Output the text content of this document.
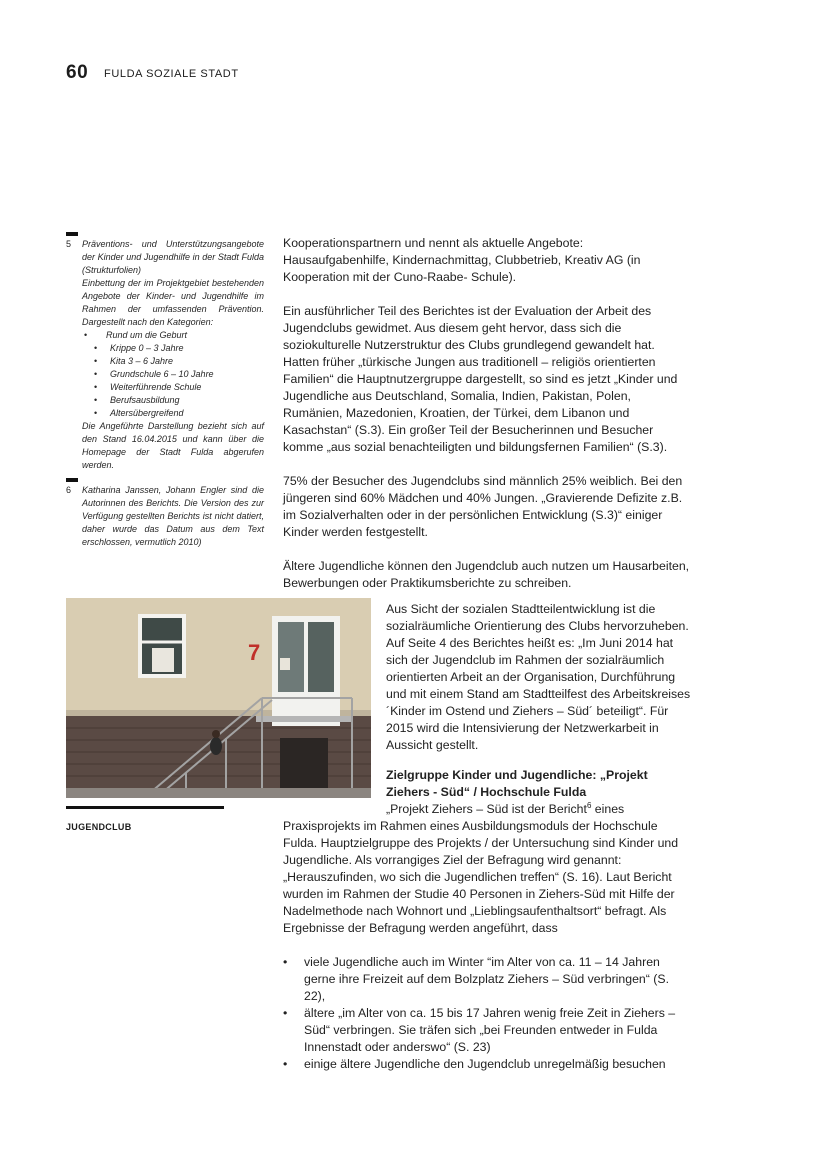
60 FULDA SOZIALE STADT
5 Präventions- und Unterstützungsangebote der Kinder und Jugendhilfe in der Stadt Fulda (Strukturfolien)
Einbettung der im Projektgebiet bestehenden Angebote der Kinder- und Jugendhilfe im Rahmen der umfassenden Prävention. Dargestellt nach den Kategorien:
• Rund um die Geburt
• Krippe 0 – 3 Jahre
• Kita 3 – 6 Jahre
• Grundschule 6 – 10 Jahre
• Weiterführende Schule
• Berufsausbildung
• Altersübergreifend
Die Angeführte Darstellung bezieht sich auf den Stand 16.04.2015 und kann über die Homepage der Stadt Fulda abgerufen werden.
6 Katharina Janssen, Johann Engler sind die Autorinnen des Berichts. Die Version des zur Verfügung gestellten Berichts ist nicht datiert, daher wurde das Datum aus dem Text erschlossen, vermutlich 2010)

Kooperationspartnern und nennt als aktuelle Angebote: Hausaufgabenhilfe, Kindernachmittag, Clubbetrieb, Kreativ AG (in Kooperation mit der Cuno-Raabe- Schule).

Ein ausführlicher Teil des Berichtes ist der Evaluation der Arbeit des Jugendclubs gewidmet. Aus diesem geht hervor, dass sich die soziokulturelle Nutzerstruktur des Clubs grundlegend gewandelt hat. Hatten früher „türkische Jungen aus traditionell – religiös orientierten Familien“ die Hauptnutzergruppe dargestellt, so sind es jetzt „Kinder und Jugendliche aus Deutschland, Somalia, Indien, Pakistan, Polen, Rumänien, Mazedonien, Kroatien, der Türkei, dem Libanon und Kasachstan“ (S.3). Ein großer Teil der Besucherinnen und Besucher komme „aus sozial benachteiligten und bildungsfernen Familien“ (S.3).

75% der Besucher des Jugendclubs sind männlich 25% weiblich. Bei den jüngeren sind 60% Mädchen und 40% Jungen. „Gravierende Defizite z.B. im Sozialverhalten oder in der persönlichen Entwicklung (S.3)“ einiger Kinder werden festgestellt.

Ältere Jugendliche können den Jugendclub auch nutzen um Hausarbeiten, Bewerbungen oder Praktikumsberichte zu schreiben.

7
JUGENDCLUB

Aus Sicht der sozialen Stadtteilentwicklung ist die sozialräumliche Orientierung des Clubs hervorzuheben. Auf Seite 4 des Berichtes heißt es: „Im Juni 2014 hat sich der Jugendclub im Rahmen der sozialräumlich orientierten Arbeit an der Organisation, Durchführung und mit einem Stand am Stadtteilfest des Arbeitskreises ´Kinder im Ostend und Ziehers – Süd´ beteiligt“. Für 2015 wird die Intensivierung der Netzwerkarbeit in Aussicht gestellt.

Zielgruppe Kinder und Jugendliche: „Projekt Ziehers - Süd“ / Hochschule Fulda

„Projekt Ziehers – Süd ist der Bericht$^6$ eines Praxisprojekts im Rahmen eines Ausbildungsmoduls der Hochschule Fulda. Hauptzielgruppe des Projekts / der Untersuchung sind Kinder und Jugendliche. Als vorrangiges Ziel der Befragung wird genannt: „Herauszufinden, wo sich die Jugendlichen treffen“ (S. 16). Laut Bericht wurden im Rahmen der Studie 40 Personen in Ziehers-Süd mit Hilfe der Nadelmethode nach Wohnort und „Lieblingsaufenthaltsort“ befragt. Als Ergebnisse der Befragung werden angeführt, dass

• viele Jugendliche auch im Winter “im Alter von ca. 11 – 14 Jahren gerne ihre Freizeit auf dem Bolzplatz Ziehers – Süd verbringen“ (S. 22),
• ältere „im Alter von ca. 15 bis 17 Jahren wenig freie Zeit in Ziehers – Süd“ verbringen. Sie träfen sich „bei Freunden entweder in Fulda Innenstadt oder anderswo“ (S. 23)
• einige ältere Jugendliche den Jugendclub unregelmäßig besuchen
